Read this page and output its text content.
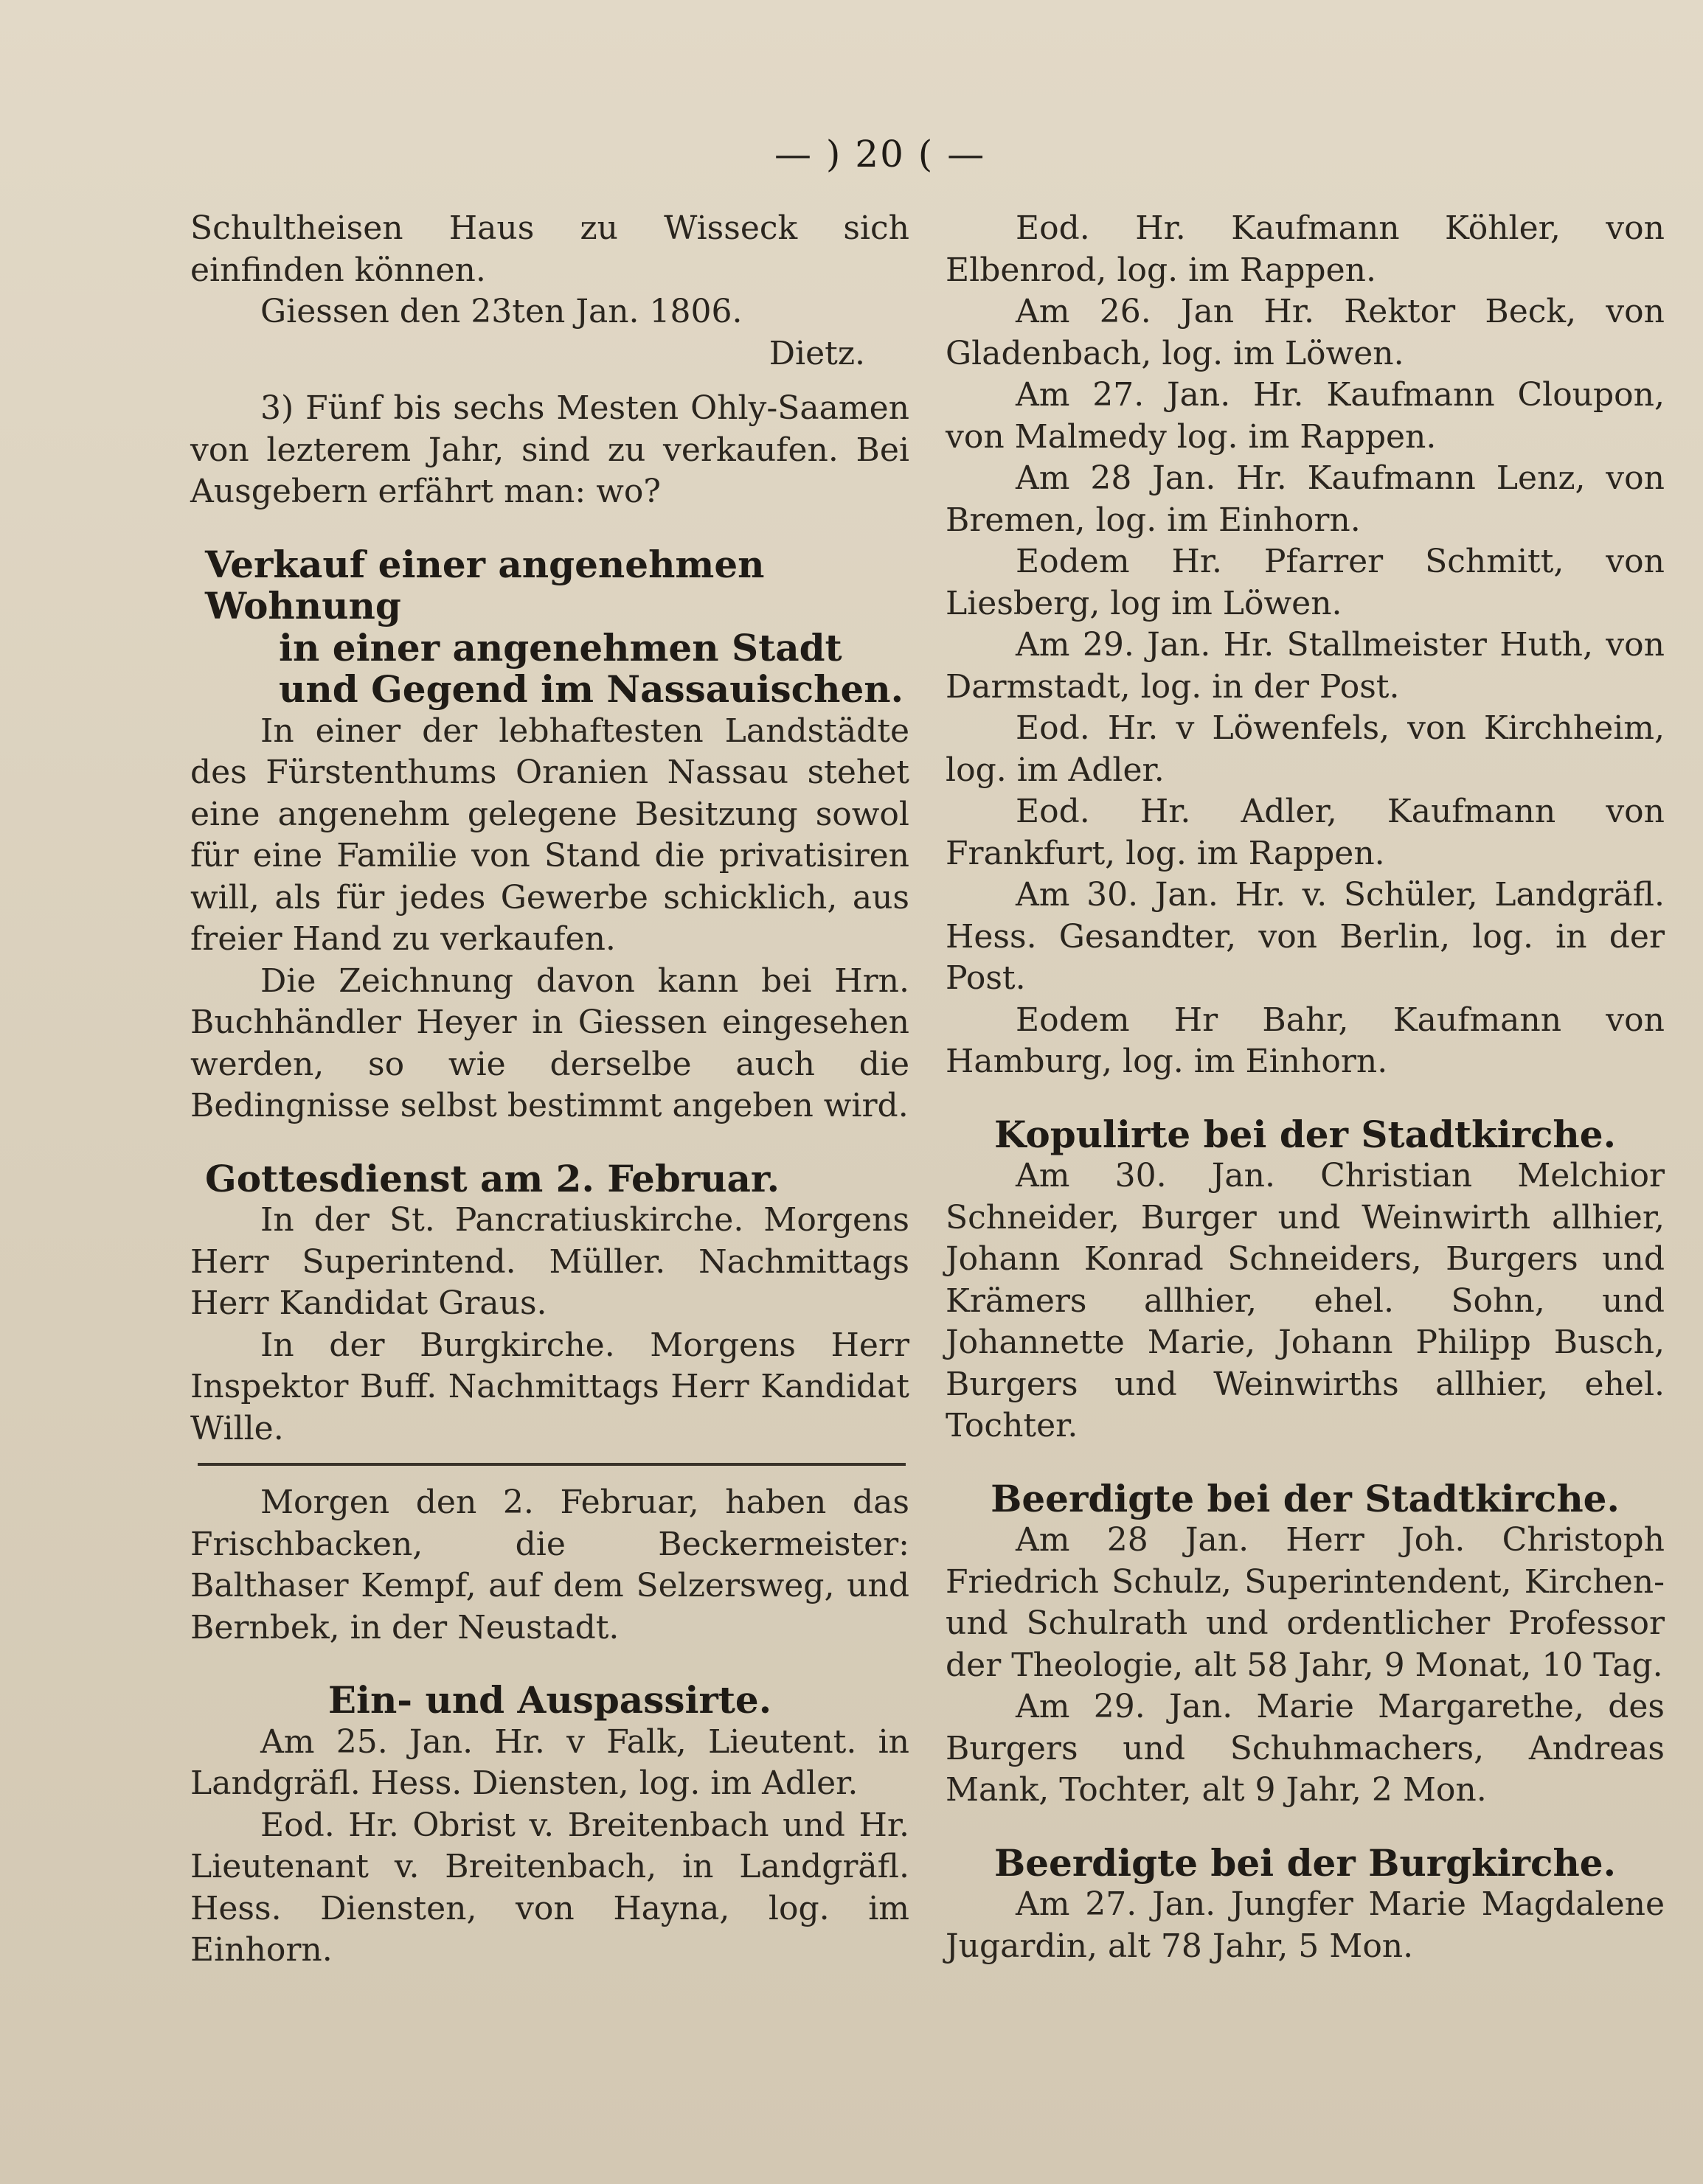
— ) 20 ( —

Schultheisen Haus zu Wisseck sich einfinden können.

Giessen den 23ten Jan. 1806.

Dietz.

3) Fünf bis sechs Mesten Ohly-Saamen von lezterem Jahr, sind zu verkaufen. Bei Ausgebern erfährt man: wo?

Verkauf einer angenehmen Wohnung
in einer angenehmen Stadt und Gegend im Nassauischen.

In einer der lebhaftesten Landstädte des Fürstenthums Oranien Nassau stehet eine angenehm gelegene Besitzung sowol für eine Familie von Stand die privatisiren will, als für jedes Gewerbe schicklich, aus freier Hand zu verkaufen.

Die Zeichnung davon kann bei Hrn. Buchhändler Heyer in Giessen eingesehen werden, so wie derselbe auch die Bedingnisse selbst bestimmt angeben wird.

Gottesdienst am 2. Februar.

In der St. Pancratiuskirche. Morgens Herr Superintend. Müller. Nachmittags Herr Kandidat Graus.

In der Burgkirche. Morgens Herr Inspektor Buff. Nachmittags Herr Kandidat Wille.

Morgen den 2. Februar, haben das Frischbacken, die Beckermeister: Balthaser Kempf, auf dem Selzersweg, und Bernbek, in der Neustadt.

Ein- und Auspassirte.

Am 25. Jan. Hr. v Falk, Lieutent. in Landgräfl. Hess. Diensten, log. im Adler.

Eod. Hr. Obrist v. Breitenbach und Hr. Lieutenant v. Breitenbach, in Landgräfl. Hess. Diensten, von Hayna, log. im Einhorn.

Eod. Hr. Kaufmann Köhler, von Elbenrod, log. im Rappen.

Am 26. Jan Hr. Rektor Beck, von Gladenbach, log. im Löwen.

Am 27. Jan. Hr. Kaufmann Cloupon, von Malmedy log. im Rappen.

Am 28 Jan. Hr. Kaufmann Lenz, von Bremen, log. im Einhorn.

Eodem Hr. Pfarrer Schmitt, von Liesberg, log im Löwen.

Am 29. Jan. Hr. Stallmeister Huth, von Darmstadt, log. in der Post.

Eod. Hr. v Löwenfels, von Kirchheim, log. im Adler.

Eod. Hr. Adler, Kaufmann von Frankfurt, log. im Rappen.

Am 30. Jan. Hr. v. Schüler, Landgräfl. Hess. Gesandter, von Berlin, log. in der Post.

Eodem Hr Bahr, Kaufmann von Hamburg, log. im Einhorn.

Kopulirte bei der Stadtkirche.

Am 30. Jan. Christian Melchior Schneider, Burger und Weinwirth allhier, Johann Konrad Schneiders, Burgers und Krämers allhier, ehel. Sohn, und Johannette Marie, Johann Philipp Busch, Burgers und Weinwirths allhier, ehel. Tochter.

Beerdigte bei der Stadtkirche.

Am 28 Jan. Herr Joh. Christoph Friedrich Schulz, Superintendent, Kirchen- und Schulrath und ordentlicher Professor der Theologie, alt 58 Jahr, 9 Monat, 10 Tag.

Am 29. Jan. Marie Margarethe, des Burgers und Schuhmachers, Andreas Mank, Tochter, alt 9 Jahr, 2 Mon.

Beerdigte bei der Burgkirche.

Am 27. Jan. Jungfer Marie Magdalene Jugardin, alt 78 Jahr, 5 Mon.
